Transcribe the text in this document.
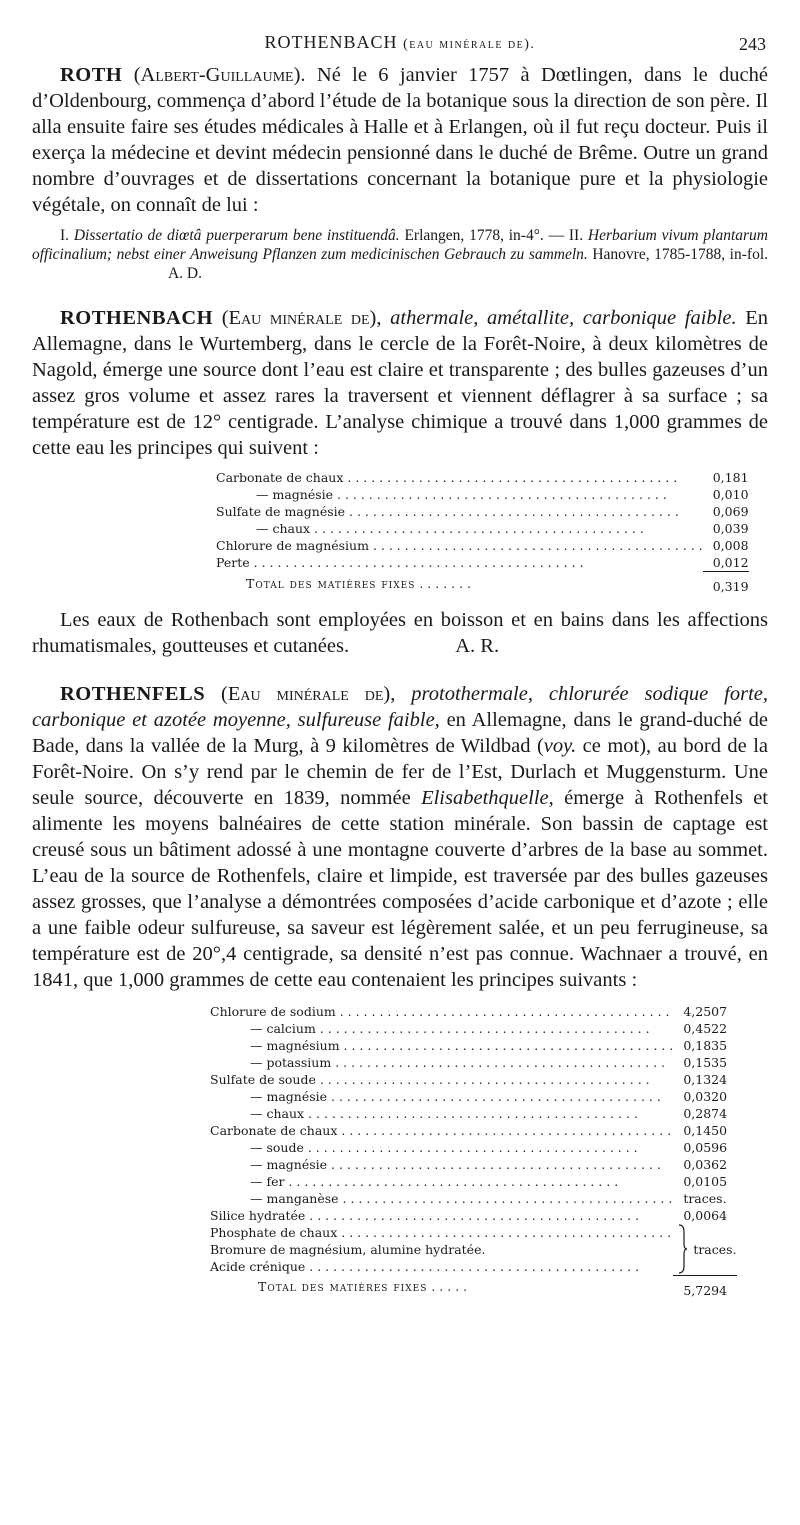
ROTHENBACH (eau minérale de).	243

ROTH (Albert-Guillaume). Né le 6 janvier 1757 à Dœtlingen, dans le duché d’Oldenbourg, commença d’abord l’étude de la botanique sous la direction de son père. Il alla ensuite faire ses études médicales à Halle et à Erlangen, où il fut reçu docteur. Puis il exerça la médecine et devint médecin pensionné dans le duché de Brême. Outre un grand nombre d’ouvrages et de dissertations concernant la botanique pure et la physiologie végétale, on connaît de lui :

I. Dissertatio de diœtâ puerperarum bene instituendâ. Erlangen, 1778, in-4°. — II. Herbarium vivum plantarum officinalium; nebst einer Anweisung Pflanzen zum medicinischen Gebrauch zu sammeln. Hanovre, 1785-1788, in-fol.A. D.

ROTHENBACH (Eau minérale de), athermale, amétallite, carbonique faible. En Allemagne, dans le Wurtemberg, dans le cercle de la Forêt-Noire, à deux kilomètres de Nagold, émerge une source dont l’eau est claire et transparente ; des bulles gazeuses d’un assez gros volume et assez rares la traversent et viennent déflagrer à sa surface ; sa température est de 12° centigrade. L’analyse chimique a trouvé dans 1,000 grammes de cette eau les principes qui suivent :

Carbonate de chaux . . .	0,181

— magnésie . . .	0,010

Sulfate de magnésie . . .	0,069

— chaux . . .	0,039

Chlorure de magnésium . . .	0,008

Perte . . .	0,012
Total des matières fixes . . . . . . .	0,319

Les eaux de Rothenbach sont employées en boisson et en bains dans les affections rhumatismales, goutteuses et cutanées.	A. R.

ROTHENFELS (Eau minérale de), protothermale, chlorurée sodique forte, carbonique et azotée moyenne, sulfureuse faible, en Allemagne, dans le grand-duché de Bade, dans la vallée de la Murg, à 9 kilomètres de Wildbad (voy. ce mot), au bord de la Forêt-Noire. On s’y rend par le chemin de fer de l’Est, Durlach et Muggensturm. Une seule source, découverte en 1839, nommée Elisabethquelle, émerge à Rothenfels et alimente les moyens balnéaires de cette station minérale. Son bassin de captage est creusé sous un bâtiment adossé à une montagne couverte d’arbres de la base au sommet. L’eau de la source de Rothenfels, claire et limpide, est traversée par des bulles gazeuses assez grosses, que l’analyse a démontrées composées d’acide carbonique et d’azote ; elle a une faible odeur sulfureuse, sa saveur est légèrement salée, et un peu ferrugineuse, sa température est de 20°,4 centigrade, sa densité n’est pas connue. Wachnaer a trouvé, en 1841, que 1,000 grammes de cette eau contenaient les principes suivants :

Chlorure de sodium . . .	4,2507

— calcium . . .	0,4522

— magnésium . . .	0,1835

— potassium . . .	0,1535

Sulfate de soude . . .	0,1324

— magnésie . . .	0,0320

— chaux . . .	0,2874

Carbonate de chaux . . .	0,1450

— soude . . .	0,0596

— magnésie . . .	0,0362

— fer . . .	0,0105

— manganèse . . .	traces.

Silice hydratée . . .	0,0064

Phosphate de chaux . . .	traces.

Bromure de magnésium, alumine hydratée.	

Acide crénique . . .

Total des matières fixes . . . . .	5,7294
